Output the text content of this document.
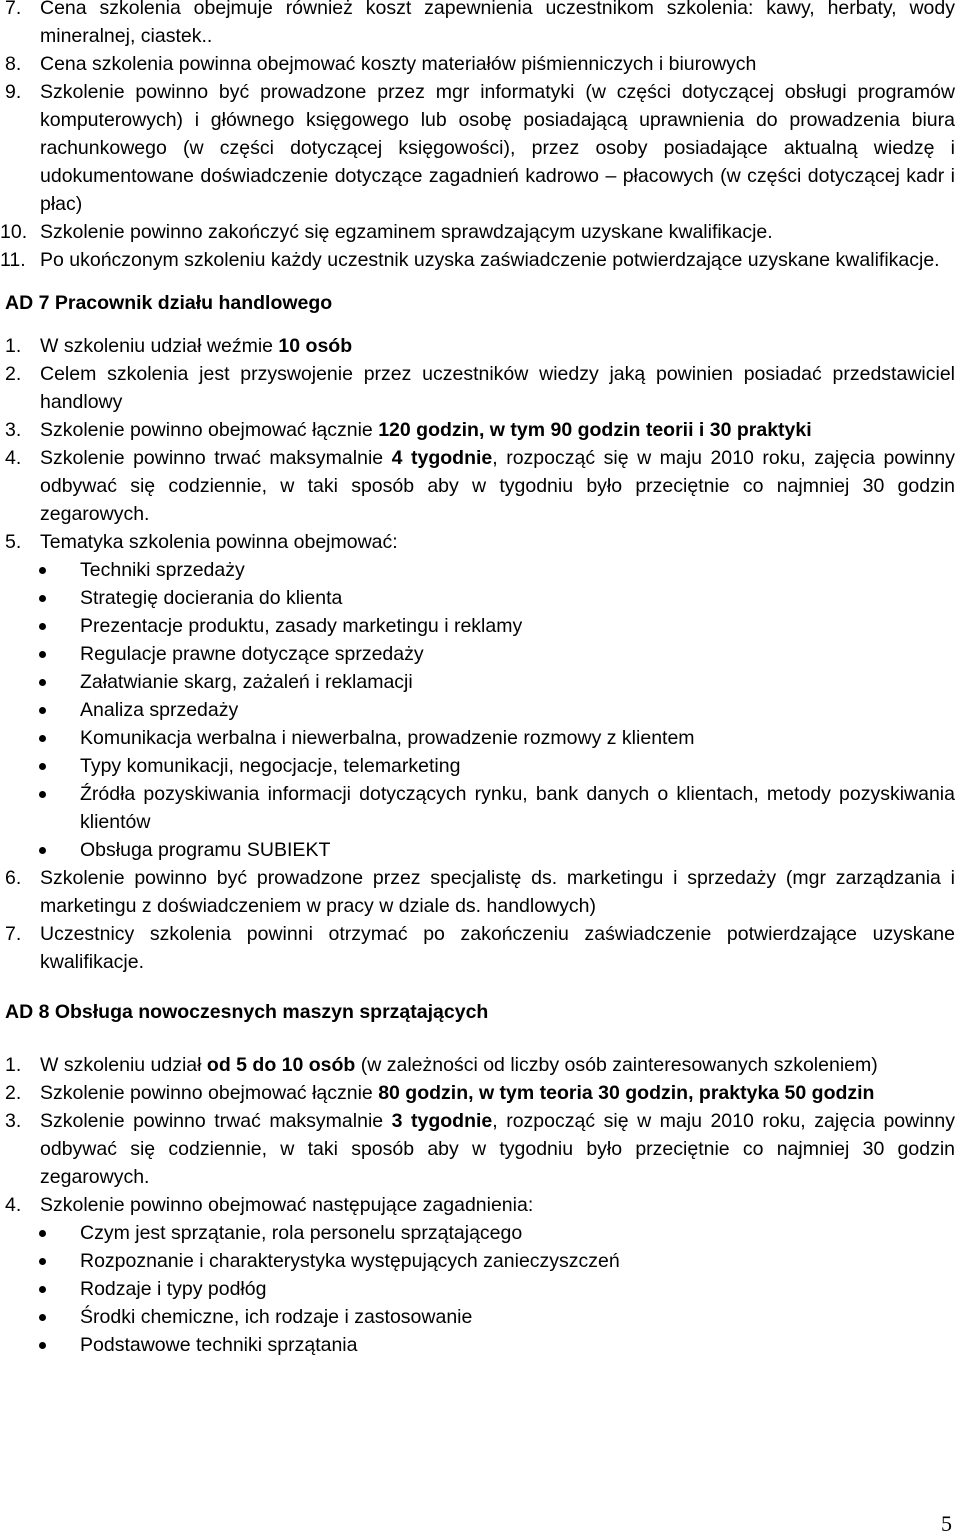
7. Cena szkolenia obejmuje również koszt zapewnienia uczestnikom szkolenia: kawy, herbaty, wody mineralnej, ciastek..
8. Cena szkolenia powinna obejmować koszty materiałów piśmienniczych i biurowych
9. Szkolenie powinno być prowadzone przez mgr informatyki (w części dotyczącej obsługi programów komputerowych) i głównego księgowego lub osobę posiadającą uprawnienia do prowadzenia biura rachunkowego (w części dotyczącej księgowości), przez osoby posiadające aktualną wiedzę i udokumentowane doświadczenie dotyczące zagadnień kadrowo – płacowych (w części dotyczącej kadr i płac)
10. Szkolenie powinno zakończyć się egzaminem sprawdzającym uzyskane kwalifikacje.
11. Po ukończonym szkoleniu każdy uczestnik uzyska zaświadczenie potwierdzające uzyskane kwalifikacje.
AD 7 Pracownik działu handlowego
1. W szkoleniu udział weźmie 10 osób
2. Celem szkolenia jest przyswojenie przez uczestników wiedzy jaką powinien posiadać przedstawiciel handlowy
3. Szkolenie powinno obejmować łącznie 120 godzin, w tym 90 godzin teorii i 30 praktyki
4. Szkolenie powinno trwać maksymalnie 4 tygodnie, rozpocząć się w maju 2010 roku, zajęcia powinny odbywać się codziennie, w taki sposób aby w tygodniu było przeciętnie co najmniej 30 godzin zegarowych.
5. Tematyka szkolenia powinna obejmować:
Techniki sprzedaży
Strategię docierania do klienta
Prezentacje produktu, zasady marketingu i reklamy
Regulacje prawne dotyczące sprzedaży
Załatwianie skarg, zażaleń i reklamacji
Analiza sprzedaży
Komunikacja werbalna i niewerbalna, prowadzenie rozmowy z klientem
Typy komunikacji, negocjacje, telemarketing
Źródła pozyskiwania informacji dotyczących rynku, bank danych o klientach, metody pozyskiwania klientów
Obsługa programu SUBIEKT
6. Szkolenie powinno być prowadzone przez specjalistę ds. marketingu i sprzedaży (mgr zarządzania i marketingu z doświadczeniem w pracy w dziale ds. handlowych)
7. Uczestnicy szkolenia powinni otrzymać po zakończeniu zaświadczenie potwierdzające uzyskane kwalifikacje.
AD 8 Obsługa nowoczesnych maszyn sprzątających
1. W szkoleniu udział od 5 do 10 osób (w zależności od liczby osób zainteresowanych szkoleniem)
2. Szkolenie powinno obejmować łącznie 80 godzin, w tym teoria 30 godzin, praktyka 50 godzin
3. Szkolenie powinno trwać maksymalnie 3 tygodnie, rozpocząć się w maju 2010 roku, zajęcia powinny odbywać się codziennie, w taki sposób aby w tygodniu było przeciętnie co najmniej 30 godzin zegarowych.
4. Szkolenie powinno obejmować następujące zagadnienia:
Czym jest sprzątanie, rola personelu sprzątającego
Rozpoznanie i charakterystyka występujących zanieczyszczeń
Rodzaje i typy podłóg
Środki chemiczne, ich rodzaje i zastosowanie
Podstawowe techniki sprzątania
5
